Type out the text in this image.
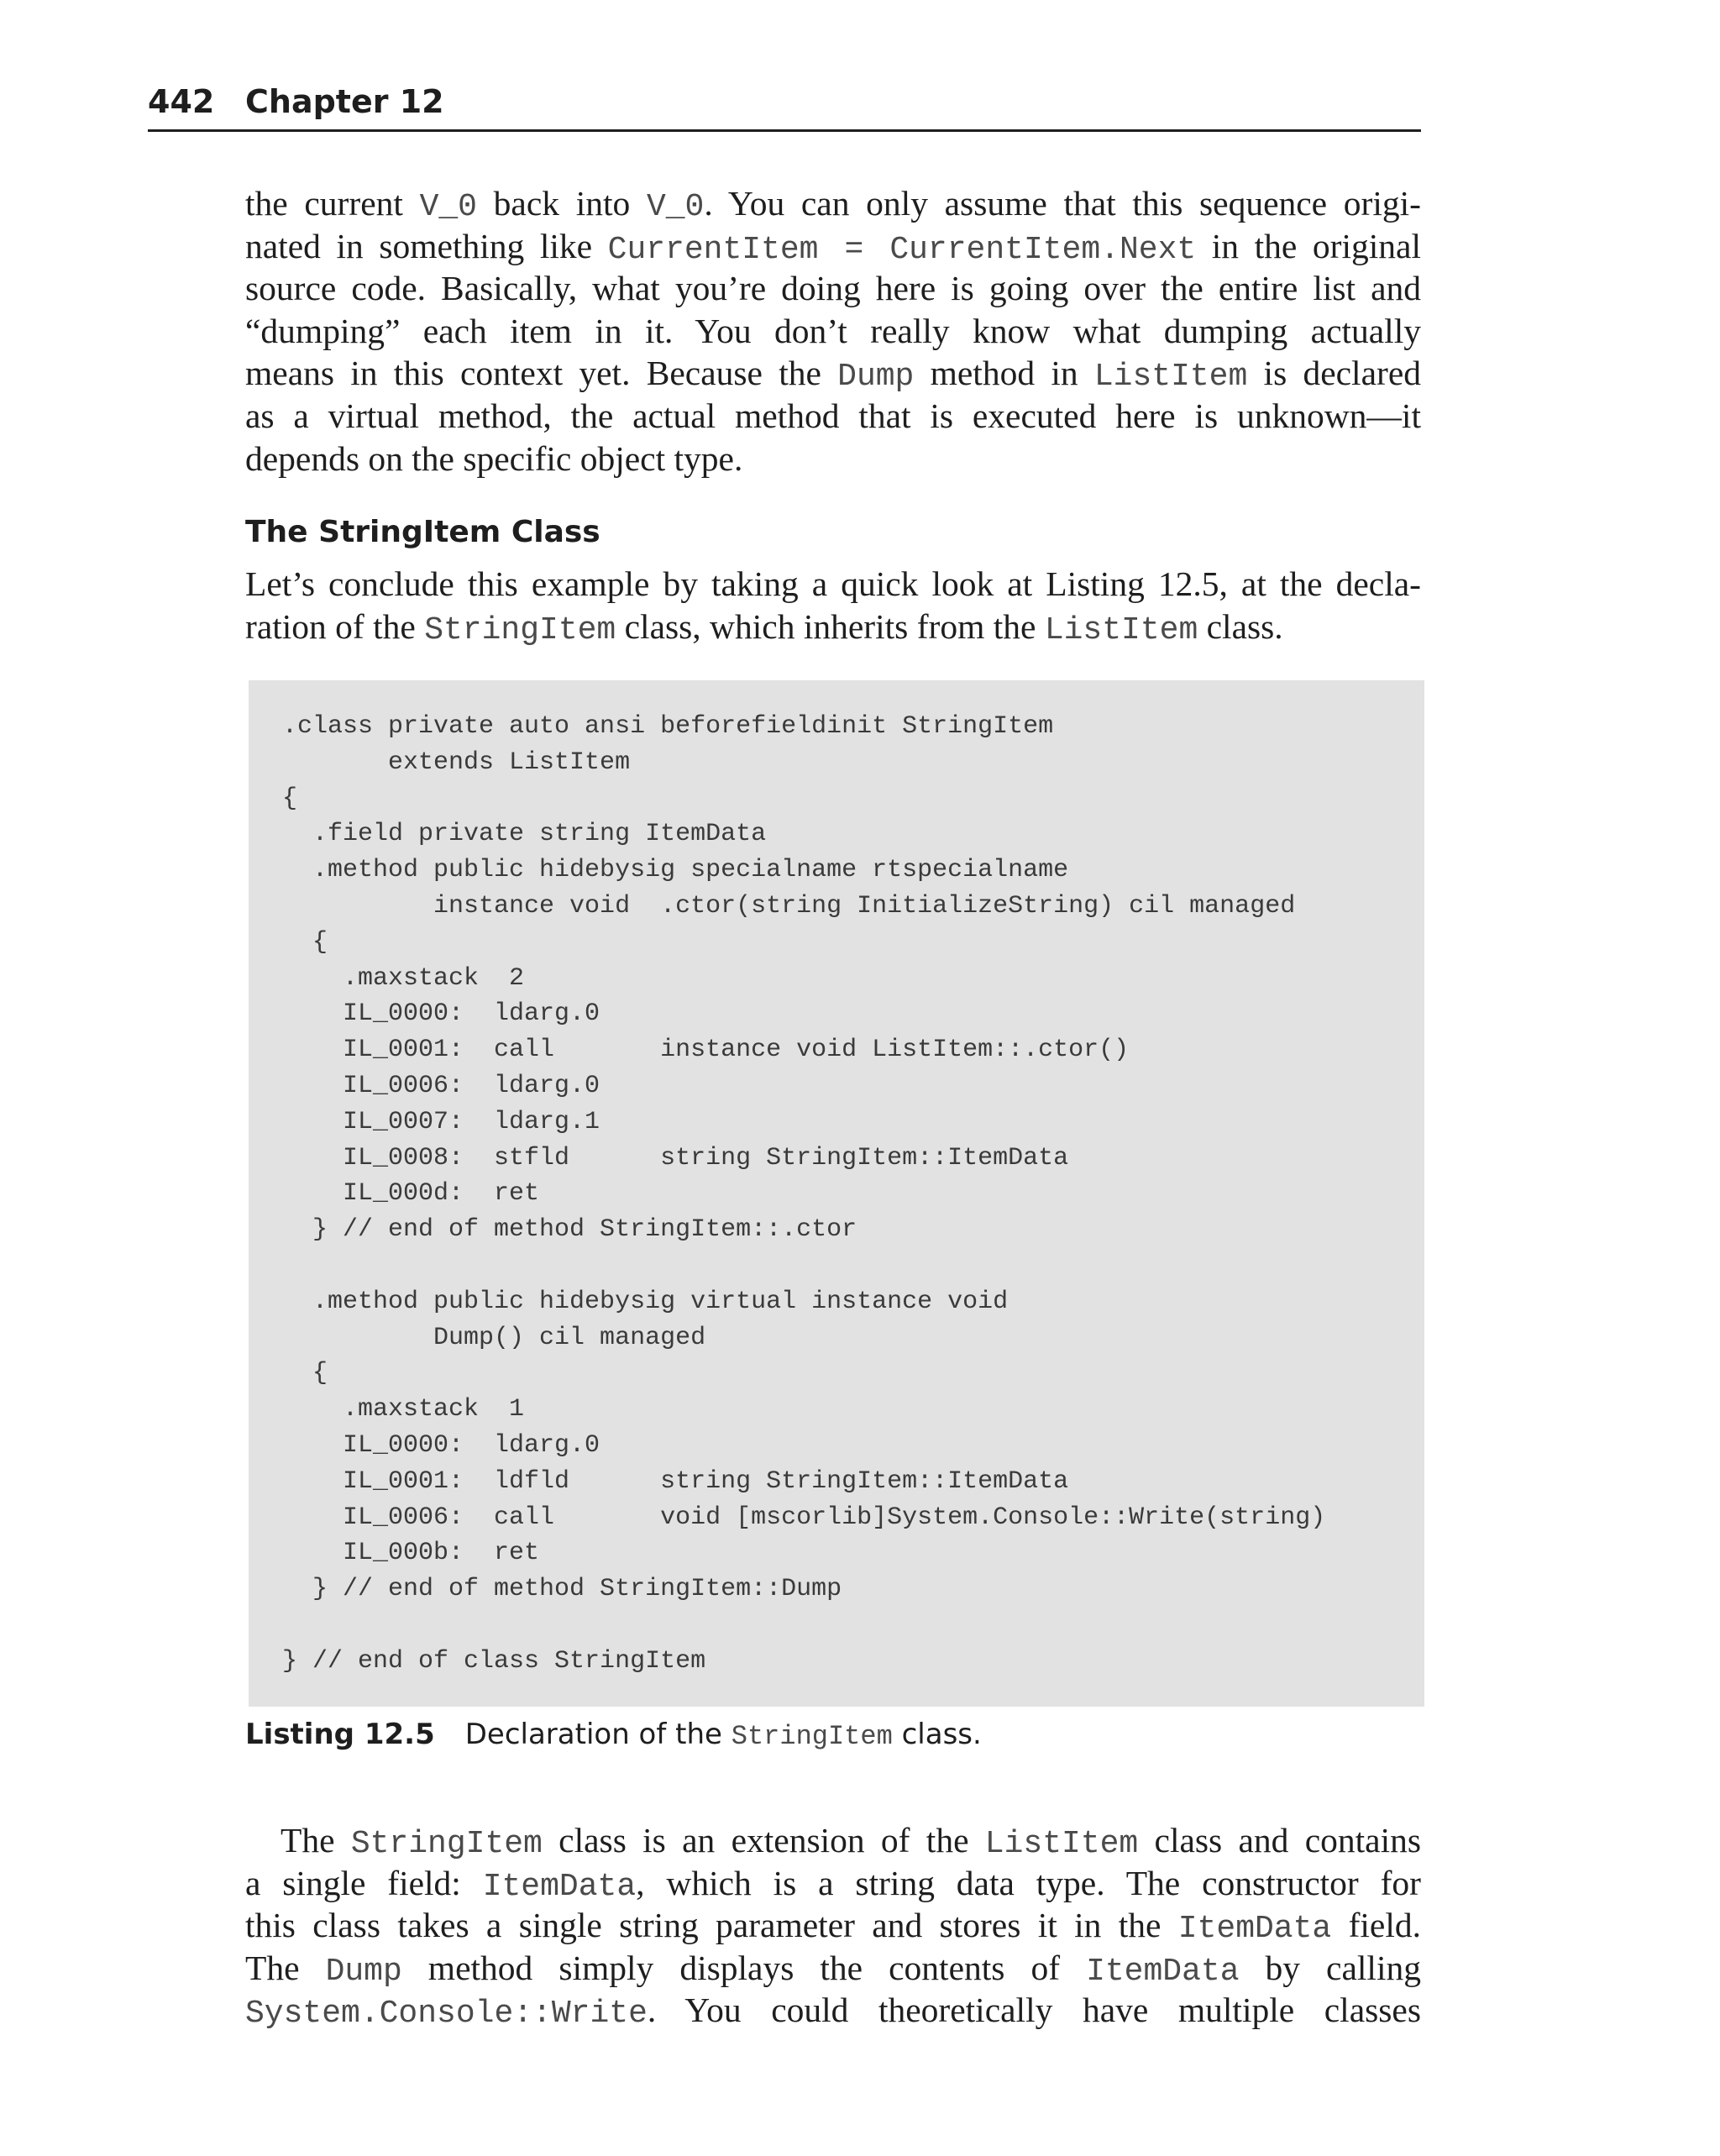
442 Chapter 12
the current V_0 back into V_0. You can only assume that this sequence origi-
nated in something like CurrentItem = CurrentItem.Next in the original
source code. Basically, what you’re doing here is going over the entire list and
“dumping” each item in it. You don’t really know what dumping actually
means in this context yet. Because the Dump method in ListItem is declared
as a virtual method, the actual method that is executed here is unknown—it
depends on the specific object type.
The StringItem Class
Let’s conclude this example by taking a quick look at Listing 12.5, at the decla-
ration of the StringItem class, which inherits from the ListItem class.
.class private auto ansi beforefieldinit StringItem
extends ListItem
{
.field private string ItemData
.method public hidebysig specialname rtspecialname
instance void  .ctor(string InitializeString) cil managed
{
.maxstack  2
IL_0000:  ldarg.0
IL_0001:  call       instance void ListItem::.ctor()
IL_0006:  ldarg.0
IL_0007:  ldarg.1
IL_0008:  stfld      string StringItem::ItemData
IL_000d:  ret
} // end of method StringItem::.ctor
.method public hidebysig virtual instance void
Dump() cil managed
{
.maxstack  1
IL_0000:  ldarg.0
IL_0001:  ldfld      string StringItem::ItemData
IL_0006:  call       void [mscorlib]System.Console::Write(string)
IL_000b:  ret
} // end of method StringItem::Dump
} // end of class StringItem
Listing 12.5 Declaration of the StringItem class.
The StringItem class is an extension of the ListItem class and contains
a single field: ItemData, which is a string data type. The constructor for
this class takes a single string parameter and stores it in the ItemData field.
The Dump method simply displays the contents of ItemData by calling
System.Console::Write. You could theoretically have multiple classes
